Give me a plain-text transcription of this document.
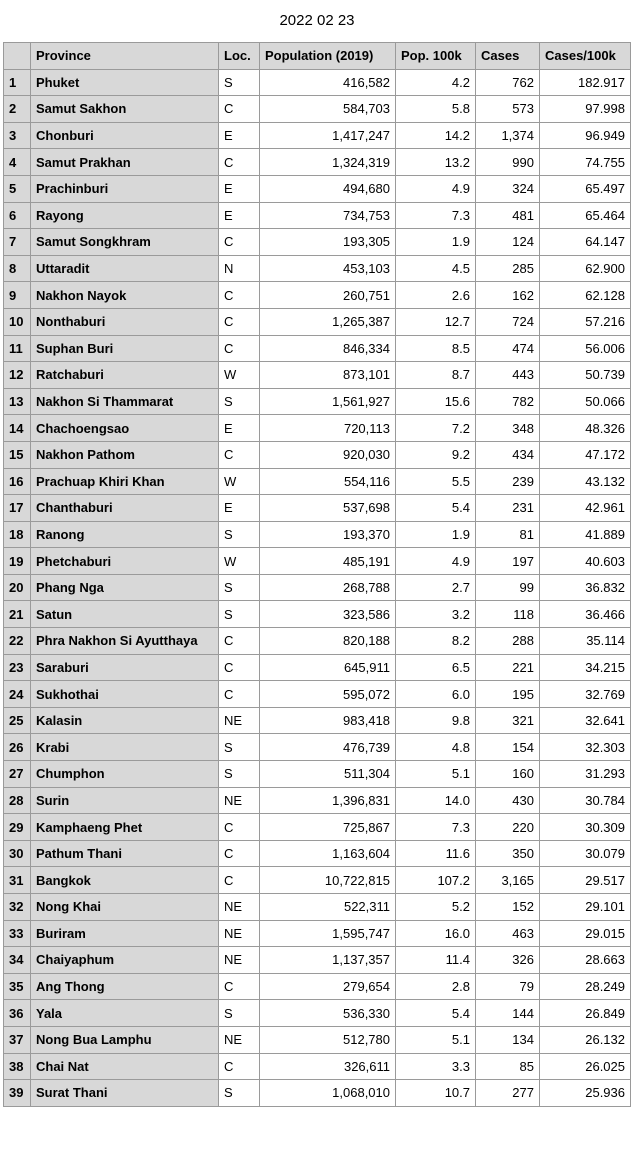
2022 02 23
	Province	Loc.	Population (2019)	Pop. 100k	Cases	Cases/100k
1	Phuket	S	416,582	4.2	762	182.917
2	Samut Sakhon	C	584,703	5.8	573	97.998
3	Chonburi	E	1,417,247	14.2	1,374	96.949
4	Samut Prakhan	C	1,324,319	13.2	990	74.755
5	Prachinburi	E	494,680	4.9	324	65.497
6	Rayong	E	734,753	7.3	481	65.464
7	Samut Songkhram	C	193,305	1.9	124	64.147
8	Uttaradit	N	453,103	4.5	285	62.900
9	Nakhon Nayok	C	260,751	2.6	162	62.128
10	Nonthaburi	C	1,265,387	12.7	724	57.216
11	Suphan Buri	C	846,334	8.5	474	56.006
12	Ratchaburi	W	873,101	8.7	443	50.739
13	Nakhon Si Thammarat	S	1,561,927	15.6	782	50.066
14	Chachoengsao	E	720,113	7.2	348	48.326
15	Nakhon Pathom	C	920,030	9.2	434	47.172
16	Prachuap Khiri Khan	W	554,116	5.5	239	43.132
17	Chanthaburi	E	537,698	5.4	231	42.961
18	Ranong	S	193,370	1.9	81	41.889
19	Phetchaburi	W	485,191	4.9	197	40.603
20	Phang Nga	S	268,788	2.7	99	36.832
21	Satun	S	323,586	3.2	118	36.466
22	Phra Nakhon Si Ayutthaya	C	820,188	8.2	288	35.114
23	Saraburi	C	645,911	6.5	221	34.215
24	Sukhothai	C	595,072	6.0	195	32.769
25	Kalasin	NE	983,418	9.8	321	32.641
26	Krabi	S	476,739	4.8	154	32.303
27	Chumphon	S	511,304	5.1	160	31.293
28	Surin	NE	1,396,831	14.0	430	30.784
29	Kamphaeng Phet	C	725,867	7.3	220	30.309
30	Pathum Thani	C	1,163,604	11.6	350	30.079
31	Bangkok	C	10,722,815	107.2	3,165	29.517
32	Nong Khai	NE	522,311	5.2	152	29.101
33	Buriram	NE	1,595,747	16.0	463	29.015
34	Chaiyaphum	NE	1,137,357	11.4	326	28.663
35	Ang Thong	C	279,654	2.8	79	28.249
36	Yala	S	536,330	5.4	144	26.849
37	Nong Bua Lamphu	NE	512,780	5.1	134	26.132
38	Chai Nat	C	326,611	3.3	85	26.025
39	Surat Thani	S	1,068,010	10.7	277	25.936
